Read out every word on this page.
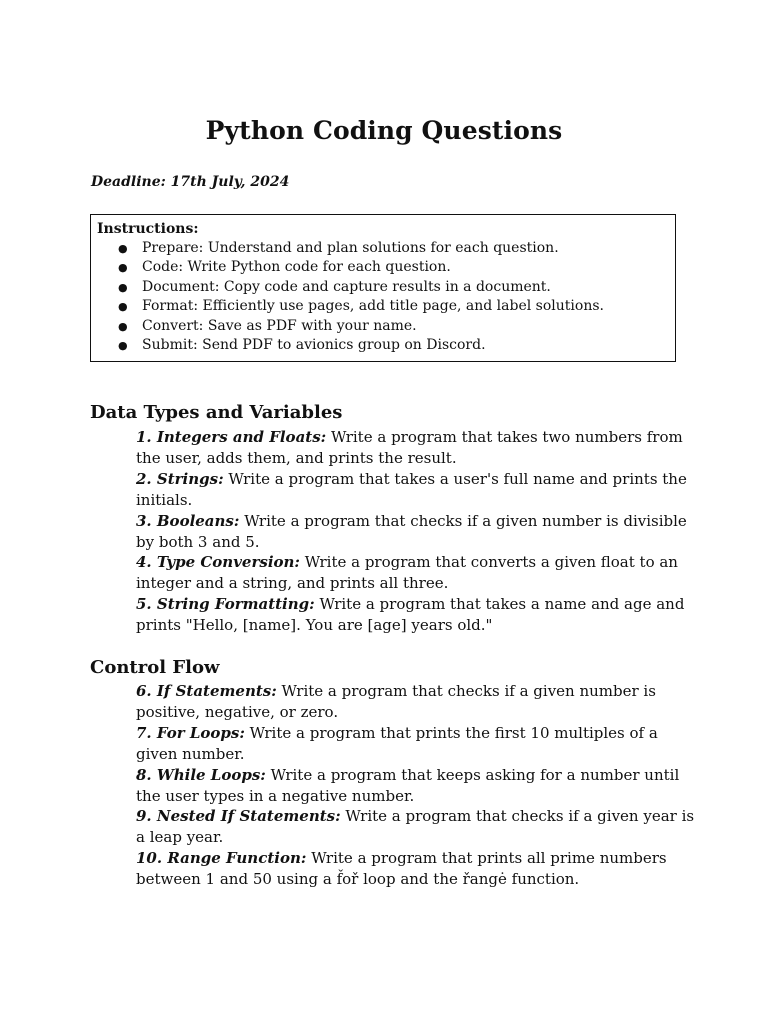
Python Coding Questions
Deadline: 17th July, 2024
Instructions:
● Prepare: Understand and plan solutions for each question.
● Code: Write Python code for each question.
● Document: Copy code and capture results in a document.
● Format: Efficiently use pages, add title page, and label solutions.
● Convert: Save as PDF with your name.
● Submit: Send PDF to avionics group on Discord.
Data Types and Variables
1. Integers and Floats: Write a program that takes two numbers from the user, adds them, and prints the result.
2. Strings: Write a program that takes a user's full name and prints the initials.
3. Booleans: Write a program that checks if a given number is divisible by both 3 and 5.
4. Type Conversion: Write a program that converts a given float to an integer and a string, and prints all three.
5. String Formatting: Write a program that takes a name and age and prints "Hello, [name]. You are [age] years old."
Control Flow
6. If Statements: Write a program that checks if a given number is positive, negative, or zero.
7. For Loops: Write a program that prints the first 10 multiples of a given number.
8. While Loops: Write a program that keeps asking for a number until the user types in a negative number.
9. Nested If Statements: Write a program that checks if a given year is a leap year.
10. Range Function: Write a program that prints all prime numbers between 1 and 50 using a f̌oř loop and the řangė function.
